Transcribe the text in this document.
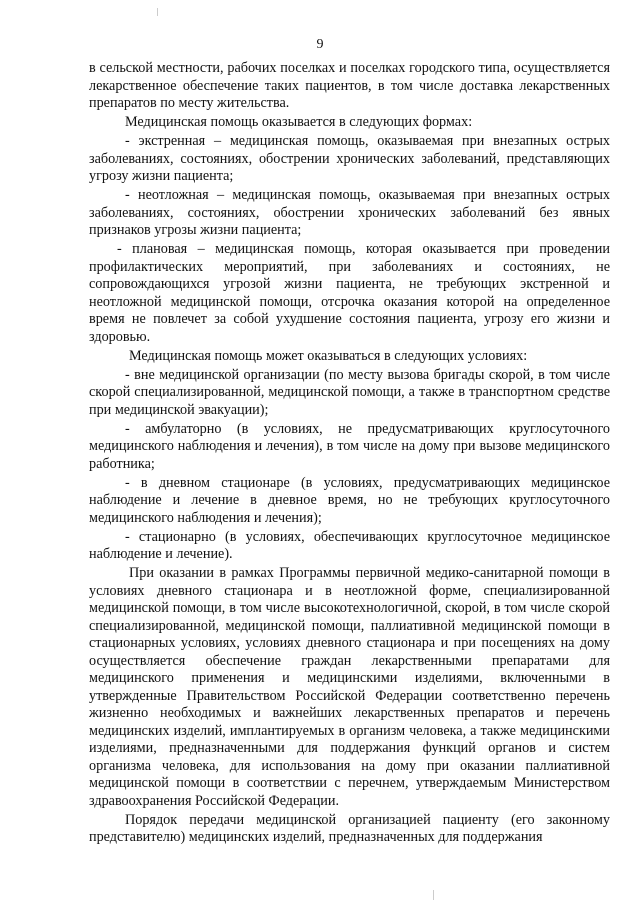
9

в сельской местности, рабочих поселках и поселках городского типа, осуществляется лекарственное обеспечение таких пациентов, в том числе доставка лекарственных препаратов по месту жительства.

Медицинская помощь оказывается в следующих формах:

- экстренная – медицинская помощь, оказываемая при внезапных острых заболеваниях, состояниях, обострении хронических заболеваний, представляющих угрозу жизни пациента;

- неотложная – медицинская помощь, оказываемая при внезапных острых заболеваниях, состояниях, обострении хронических заболеваний без явных признаков угрозы жизни пациента;

- плановая – медицинская помощь, которая оказывается при проведении профилактических мероприятий, при заболеваниях и состояниях, не сопровождающихся угрозой жизни пациента, не требующих экстренной и неотложной медицинской помощи, отсрочка оказания которой на определенное время не повлечет за собой ухудшение состояния пациента, угрозу его жизни и здоровью.

Медицинская помощь может оказываться в следующих условиях:

- вне медицинской организации (по месту вызова бригады скорой, в том числе скорой специализированной, медицинской помощи, а также в транспортном средстве при медицинской эвакуации);

- амбулаторно (в условиях, не предусматривающих круглосуточного медицинского наблюдения и лечения), в том числе на дому при вызове медицинского работника;

- в дневном стационаре (в условиях, предусматривающих медицинское наблюдение и лечение в дневное время, но не требующих круглосуточного медицинского наблюдения и лечения);

- стационарно (в условиях, обеспечивающих круглосуточное медицинское наблюдение и лечение).

При оказании в рамках Программы первичной медико-санитарной помощи в условиях дневного стационара и в неотложной форме, специализированной медицинской помощи, в том числе высокотехнологичной, скорой, в том числе скорой специализированной, медицинской помощи, паллиативной медицинской помощи в стационарных условиях, условиях дневного стационара и при посещениях на дому осуществляется обеспечение граждан лекарственными препаратами для медицинского применения и медицинскими изделиями, включенными в утвержденные Правительством Российской Федерации соответственно перечень жизненно необходимых и важнейших лекарственных препаратов и перечень медицинских изделий, имплантируемых в организм человека, а также медицинскими изделиями, предназначенными для поддержания функций органов и систем организма человека, для использования на дому при оказании паллиативной медицинской помощи в соответствии с перечнем, утверждаемым Министерством здравоохранения Российской Федерации.

Порядок передачи медицинской организацией пациенту (его законному представителю) медицинских изделий, предназначенных для поддержания
